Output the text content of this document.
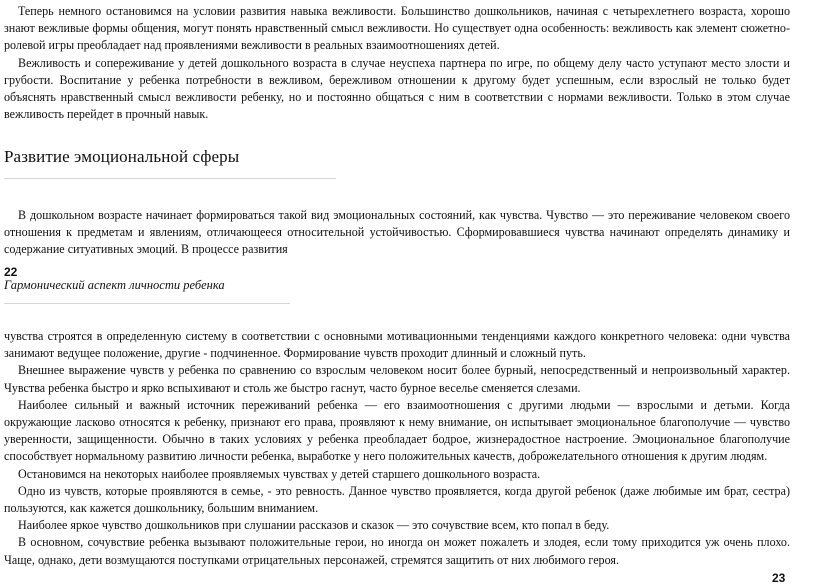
Теперь немного остановимся на условии развития навыка вежливости. Большинство дошкольников, начиная с четырехлетнего возраста, хорошо знают вежливые формы общения, могут понять нравственный смысл вежливости. Но существует одна особенность: вежливость как элемент сюжетно-ролевой игры преобладает над проявлениями вежливости в реальных взаимоотношениях детей.

Вежливость и сопереживание у детей дошкольного возраста в случае неуспеха партнера по игре, по общему делу часто уступают место злости и грубости. Воспитание у ребенка потребности в вежливом, бережливом отношении к другому будет успешным, если взрослый не только будет объяснять нравственный смысл вежливости ребенку, но и постоянно общаться с ним в соответствии с нормами вежливости. Только в этом случае вежливость перейдет в прочный навык.

Развитие эмоциональной сферы

В дошкольном возрасте начинает формироваться такой вид эмоциональных состояний, как чувства. Чувство — это переживание человеком своего отношения к предметам и явлениям, отличающееся относительной устойчивостью. Сформировавшиеся чувства начинают определять динамику и содержание ситуативных эмоций. В процессе развития

22
Гармонический аспект личности ребенка

чувства строятся в определенную систему в соответствии с основными мотивационными тенденциями каждого конкретного человека: одни чувства занимают ведущее положение, другие - подчиненное. Формирование чувств проходит длинный и сложный путь.

Внешнее выражение чувств у ребенка по сравнению со взрослым человеком носит более бурный, непосредственный и непроизвольный характер. Чувства ребенка быстро и ярко вспыхивают и столь же быстро гаснут, часто бурное веселье сменяется слезами.

Наиболее сильный и важный источник переживаний ребенка — его взаимоотношения с другими людьми — взрослыми и детьми. Когда окружающие ласково относятся к ребенку, признают его права, проявляют к нему внимание, он испытывает эмоциональное благополучие — чувство уверенности, защищенности. Обычно в таких условиях у ребенка преобладает бодрое, жизнерадостное настроение. Эмоциональное благополучие способствует нормальному развитию личности ребенка, выработке у него положительных качеств, доброжелательного отношения к другим людям.

Остановимся на некоторых наиболее проявляемых чувствах у детей старшего дошкольного возраста.

Одно из чувств, которые проявляются в семье, - это ревность. Данное чувство проявляется, когда другой ребенок (даже любимые им брат, сестра) пользуются, как кажется дошкольнику, большим вниманием.

Наиболее яркое чувство дошкольников при слушании рассказов и сказок — это сочувствие всем, кто попал в беду.

В основном, сочувствие ребенка вызывают положительные герои, но иногда он может пожалеть и злодея, если тому приходится уж очень плохо. Чаще, однако, дети возмущаются поступками отрицательных персонажей, стремятся защитить от них любимого героя.

23
